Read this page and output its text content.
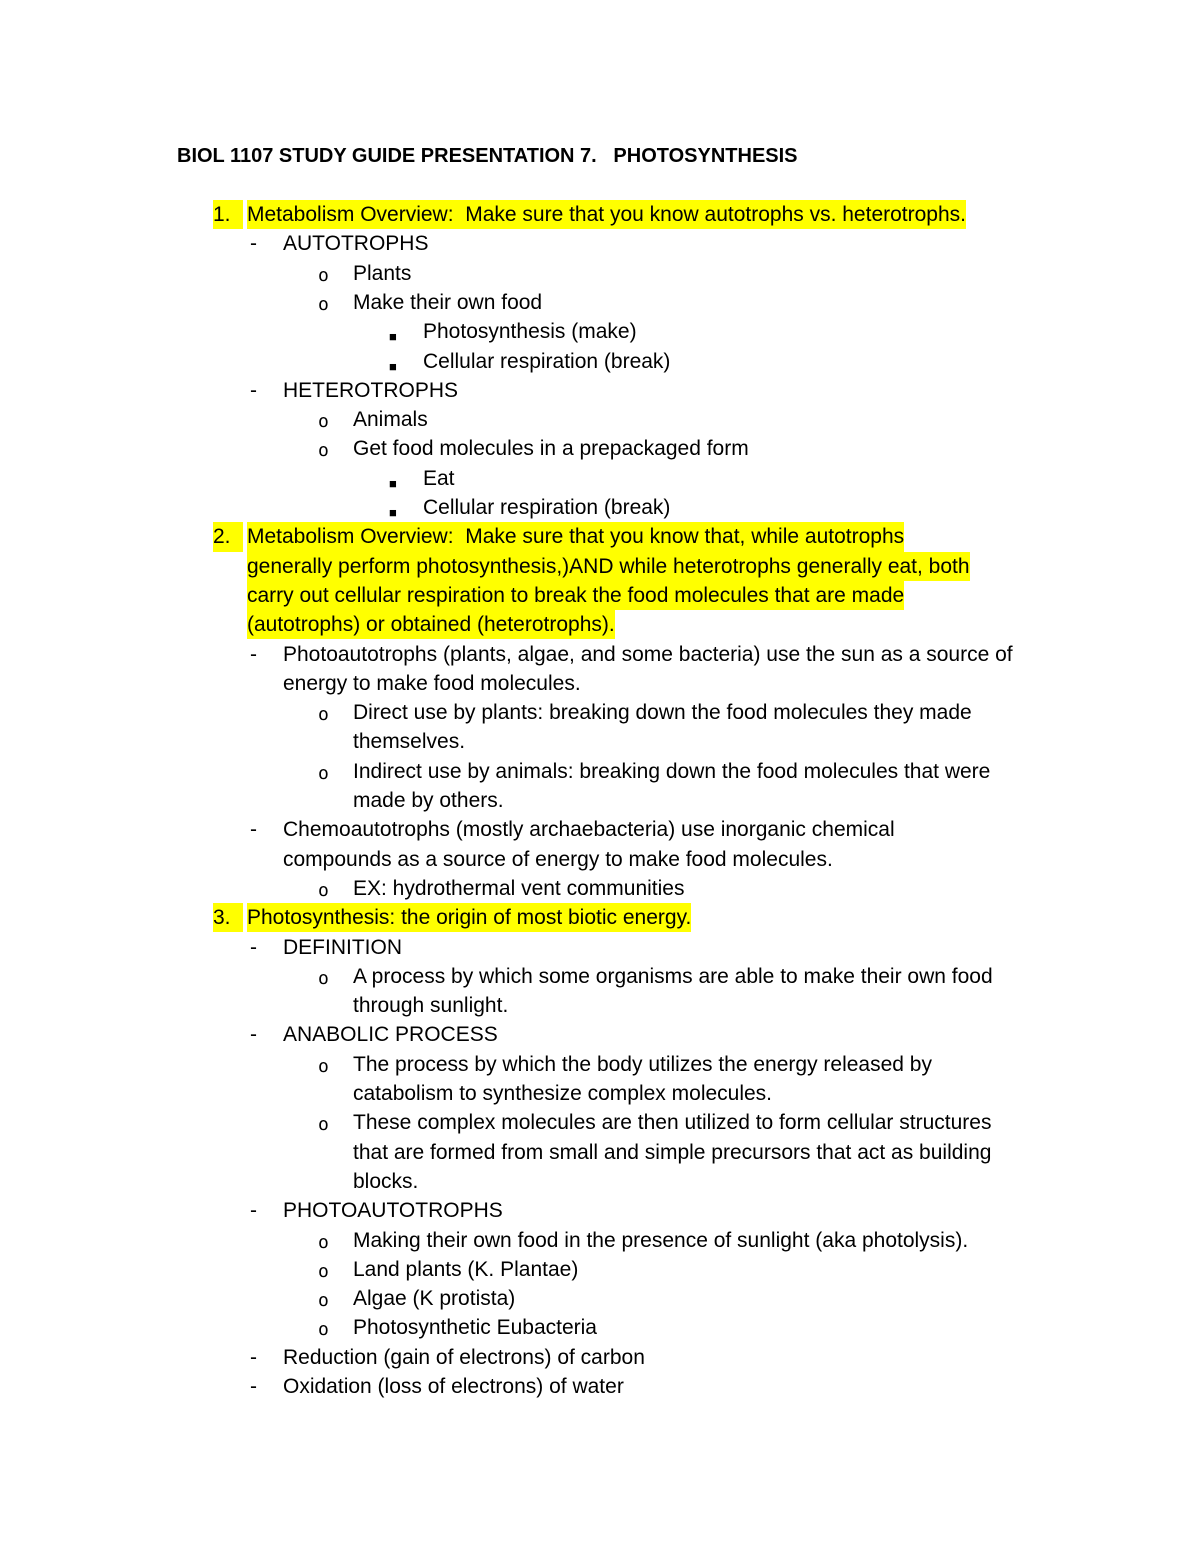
BIOL 1107 STUDY GUIDE PRESENTATION 7.   PHOTOSYNTHESIS
1. Metabolism Overview:  Make sure that you know autotrophs vs. heterotrophs.
- AUTOTROPHS
o Plants
o Make their own food
■ Photosynthesis (make)
■ Cellular respiration (break)
- HETEROTROPHS
o Animals
o Get food molecules in a prepackaged form
■ Eat
■ Cellular respiration (break)
2. Metabolism Overview:  Make sure that you know that, while autotrophs
generally perform photosynthesis,)AND while heterotrophs generally eat, both
carry out cellular respiration to break the food molecules that are made
(autotrophs) or obtained (heterotrophs).
- Photoautotrophs (plants, algae, and some bacteria) use the sun as a source of
energy to make food molecules.
o Direct use by plants: breaking down the food molecules they made
themselves.
o Indirect use by animals: breaking down the food molecules that were
made by others.
- Chemoautotrophs (mostly archaebacteria) use inorganic chemical
compounds as a source of energy to make food molecules.
o EX: hydrothermal vent communities
3. Photosynthesis: the origin of most biotic energy.
- DEFINITION
o A process by which some organisms are able to make their own food
through sunlight.
- ANABOLIC PROCESS
o The process by which the body utilizes the energy released by
catabolism to synthesize complex molecules.
o These complex molecules are then utilized to form cellular structures
that are formed from small and simple precursors that act as building
blocks.
- PHOTOAUTOTROPHS
o Making their own food in the presence of sunlight (aka photolysis).
o Land plants (K. Plantae)
o Algae (K protista)
o Photosynthetic Eubacteria
- Reduction (gain of electrons) of carbon
- Oxidation (loss of electrons) of water
